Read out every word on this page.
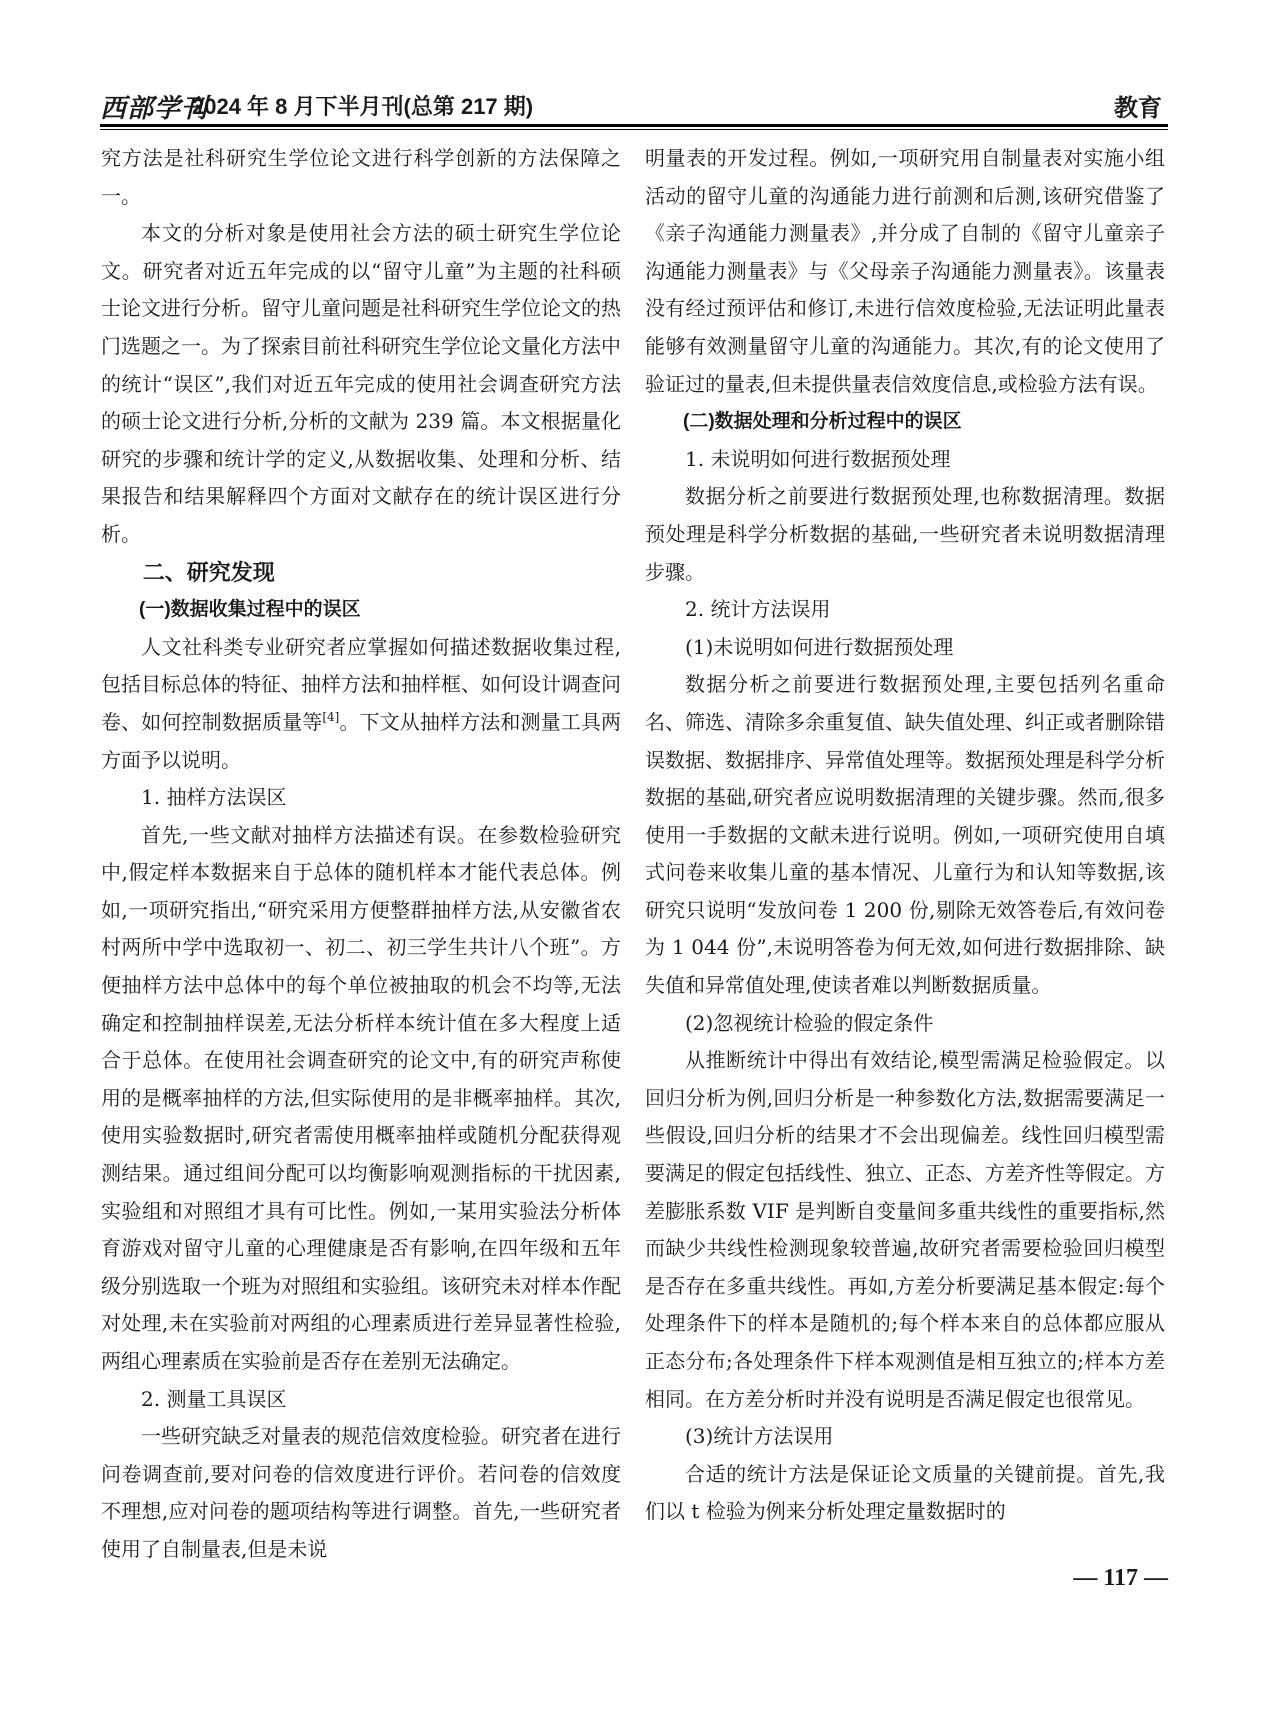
西部学刊
2024 年 8 月下半月刊(总第 217 期)	教育

究方法是社科研究生学位论文进行科学创新的方法保障之一。

本文的分析对象是使用社会方法的硕士研究生学位论文。研究者对近五年完成的以“留守儿童”为主题的社科硕士论文进行分析。留守儿童问题是社科研究生学位论文的热门选题之一。为了探索目前社科研究生学位论文量化方法中的统计“误区”,我们对近五年完成的使用社会调查研究方法的硕士论文进行分析,分析的文献为 239 篇。本文根据量化研究的步骤和统计学的定义,从数据收集、处理和分析、结果报告和结果解释四个方面对文献存在的统计误区进行分析。

二、研究发现

(一)数据收集过程中的误区

人文社科类专业研究者应掌握如何描述数据收集过程,包括目标总体的特征、抽样方法和抽样框、如何设计调查问卷、如何控制数据质量等[4]。下文从抽样方法和测量工具两方面予以说明。

1. 抽样方法误区

首先,一些文献对抽样方法描述有误。在参数检验研究中,假定样本数据来自于总体的随机样本才能代表总体。例如,一项研究指出,“研究采用方便整群抽样方法,从安徽省农村两所中学中选取初一、初二、初三学生共计八个班”。方便抽样方法中总体中的每个单位被抽取的机会不均等,无法确定和控制抽样误差,无法分析样本统计值在多大程度上适合于总体。在使用社会调查研究的论文中,有的研究声称使用的是概率抽样的方法,但实际使用的是非概率抽样。其次,使用实验数据时,研究者需使用概率抽样或随机分配获得观测结果。通过组间分配可以均衡影响观测指标的干扰因素,实验组和对照组才具有可比性。例如,一某用实验法分析体育游戏对留守儿童的心理健康是否有影响,在四年级和五年级分别选取一个班为对照组和实验组。该研究未对样本作配对处理,未在实验前对两组的心理素质进行差异显著性检验,两组心理素质在实验前是否存在差别无法确定。

2. 测量工具误区

一些研究缺乏对量表的规范信效度检验。研究者在进行问卷调查前,要对问卷的信效度进行评价。若问卷的信效度不理想,应对问卷的题项结构等进行调整。首先,一些研究者使用了自制量表,但是未说

明量表的开发过程。例如,一项研究用自制量表对实施小组活动的留守儿童的沟通能力进行前测和后测,该研究借鉴了《亲子沟通能力测量表》,并分成了自制的《留守儿童亲子沟通能力测量表》与《父母亲子沟通能力测量表》。该量表没有经过预评估和修订,未进行信效度检验,无法证明此量表能够有效测量留守儿童的沟通能力。其次,有的论文使用了验证过的量表,但未提供量表信效度信息,或检验方法有误。

(二)数据处理和分析过程中的误区

1. 未说明如何进行数据预处理

数据分析之前要进行数据预处理,也称数据清理。数据预处理是科学分析数据的基础,一些研究者未说明数据清理步骤。

2. 统计方法误用

(1)未说明如何进行数据预处理

数据分析之前要进行数据预处理,主要包括列名重命名、筛选、清除多余重复值、缺失值处理、纠正或者删除错误数据、数据排序、异常值处理等。数据预处理是科学分析数据的基础,研究者应说明数据清理的关键步骤。然而,很多使用一手数据的文献未进行说明。例如,一项研究使用自填式问卷来收集儿童的基本情况、儿童行为和认知等数据,该研究只说明“发放问卷 1 200 份,剔除无效答卷后,有效问卷为 1 044 份”,未说明答卷为何无效,如何进行数据排除、缺失值和异常值处理,使读者难以判断数据质量。

(2)忽视统计检验的假定条件

从推断统计中得出有效结论,模型需满足检验假定。以回归分析为例,回归分析是一种参数化方法,数据需要满足一些假设,回归分析的结果才不会出现偏差。线性回归模型需要满足的假定包括线性、独立、正态、方差齐性等假定。方差膨胀系数 VIF 是判断自变量间多重共线性的重要指标,然而缺少共线性检测现象较普遍,故研究者需要检验回归模型是否存在多重共线性。再如,方差分析要满足基本假定:每个处理条件下的样本是随机的;每个样本来自的总体都应服从正态分布;各处理条件下样本观测值是相互独立的;样本方差相同。在方差分析时并没有说明是否满足假定也很常见。

(3)统计方法误用

合适的统计方法是保证论文质量的关键前提。首先,我们以 t 检验为例来分析处理定量数据时的

— 117 —
